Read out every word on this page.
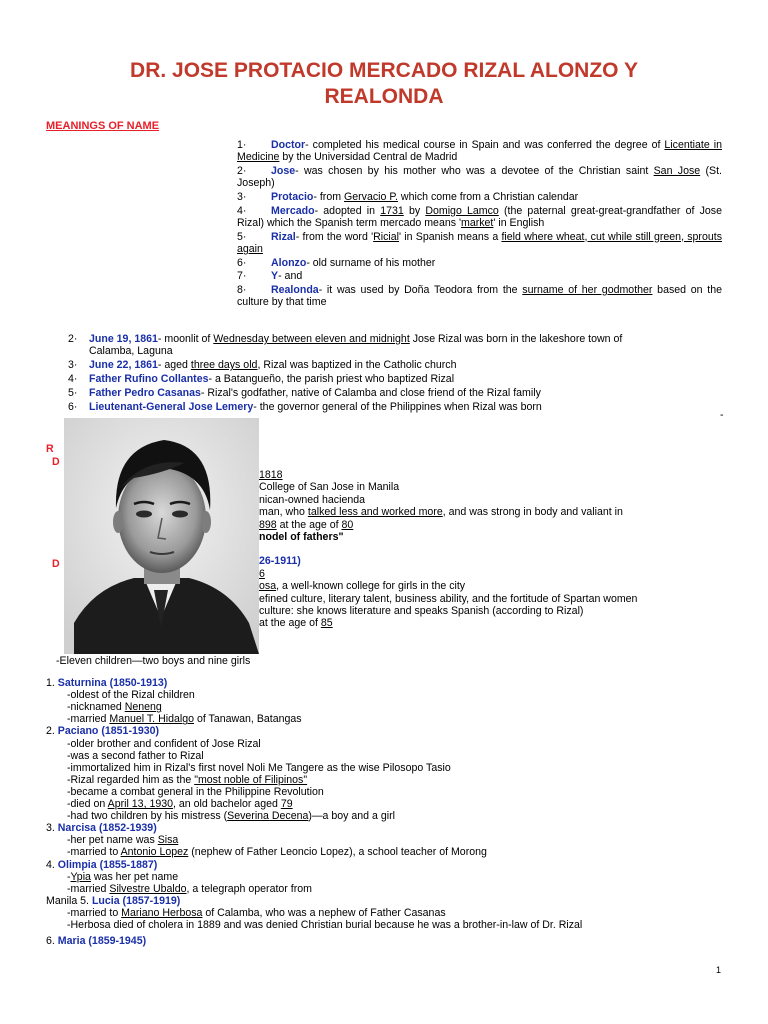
DR. JOSE PROTACIO MERCADO RIZAL ALONZO Y
REALONDA
MEANINGS OF NAME
1· Doctor- completed his medical course in Spain and was conferred the degree of Licentiate in Medicine by the Universidad Central de Madrid
2· Jose- was chosen by his mother who was a devotee of the Christian saint San Jose (St. Joseph)
3· Protacio- from Gervacio P. which come from a Christian calendar
4· Mercado- adopted in 1731 by Domigo Lamco (the paternal great-great-grandfather of Jose Rizal) which the Spanish term mercado means 'market' in English
5· Rizal- from the word 'Ricial' in Spanish means a field where wheat, cut while still green, sprouts again
6· Alonzo- old surname of his mother
7· Y- and
8· Realonda- it was used by Doña Teodora from the surname of her godmother based on the culture by that time
2· June 19, 1861- moonlit of Wednesday between eleven and midnight Jose Rizal was born in the lakeshore town of
Calamba, Laguna
3· June 22, 1861- aged three days old, Rizal was baptized in the Catholic church
4· Father Rufino Collantes- a Batangueño, the parish priest who baptized Rizal
5· Father Pedro Casanas- Rizal's godfather, native of Calamba and close friend of the Rizal family
6· Lieutenant-General Jose Lemery- the governor general of the Philippines when Rizal was born
-
R
D
D
1818
College of San Jose in Manila
nican-owned hacienda
man, who talked less and worked more, and was strong in body and valiant in
898 at the age of 80
nodel of fathers"
26-1911)
6
osa, a well-known college for girls in the city
efined culture, literary talent, business ability, and the fortitude of Spartan women
culture: she knows literature and speaks Spanish (according to Rizal)
at the age of 85
-Eleven children—two boys and nine girls
1. Saturnina (1850-1913)
-oldest of the Rizal children
-nicknamed Neneng
-married Manuel T. Hidalgo of Tanawan, Batangas
2. Paciano (1851-1930)
-older brother and confident of Jose Rizal
-was a second father to Rizal
-immortalized him in Rizal's first novel Noli Me Tangere as the wise Pilosopo Tasio
-Rizal regarded him as the "most noble of Filipinos"
-became a combat general in the Philippine Revolution
-died on April 13, 1930, an old bachelor aged 79
-had two children by his mistress (Severina Decena)—a boy and a girl
3. Narcisa (1852-1939)
-her pet name was Sisa
-married to Antonio Lopez (nephew of Father Leoncio Lopez), a school teacher of Morong
4. Olimpia (1855-1887)
-Ypia was her pet name
-married Silvestre Ubaldo, a telegraph operator from
Manila 5. Lucia (1857-1919)
-married to Mariano Herbosa of Calamba, who was a nephew of Father Casanas
-Herbosa died of cholera in 1889 and was denied Christian burial because he was a brother-in-law of Dr. Rizal
6. Maria (1859-1945)
1
